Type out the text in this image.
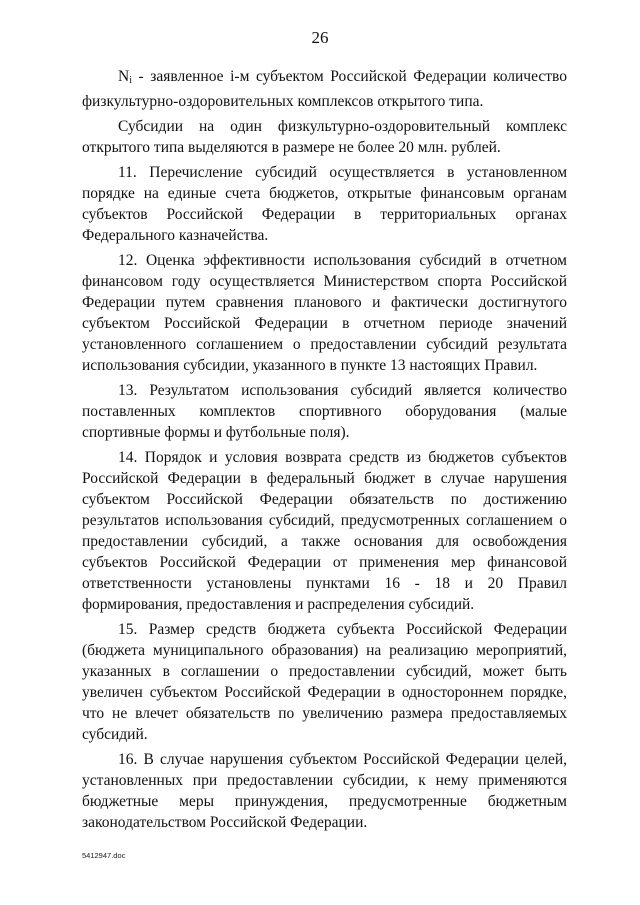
26

$N_i$ - заявленное i-м субъектом Российской Федерации количество физкультурно-оздоровительных комплексов открытого типа.

Субсидии на один физкультурно-оздоровительный комплекс открытого типа выделяются в размере не более 20 млн. рублей.

11. Перечисление субсидий осуществляется в установленном порядке на единые счета бюджетов, открытые финансовым органам субъектов Российской Федерации в территориальных органах Федерального казначейства.

12. Оценка эффективности использования субсидий в отчетном финансовом году осуществляется Министерством спорта Российской Федерации путем сравнения планового и фактически достигнутого субъектом Российской Федерации в отчетном периоде значений установленного соглашением о предоставлении субсидий результата использования субсидии, указанного в пункте 13 настоящих Правил.

13. Результатом использования субсидий является количество поставленных комплектов спортивного оборудования (малые спортивные формы и футбольные поля).

14. Порядок и условия возврата средств из бюджетов субъектов Российской Федерации в федеральный бюджет в случае нарушения субъектом Российской Федерации обязательств по достижению результатов использования субсидий, предусмотренных соглашением о предоставлении субсидий, а также основания для освобождения субъектов Российской Федерации от применения мер финансовой ответственности установлены пунктами 16 - 18 и 20 Правил формирования, предоставления и распределения субсидий.

15. Размер средств бюджета субъекта Российской Федерации (бюджета муниципального образования) на реализацию мероприятий, указанных в соглашении о предоставлении субсидий, может быть увеличен субъектом Российской Федерации в одностороннем порядке, что не влечет обязательств по увеличению размера предоставляемых субсидий.

16. В случае нарушения субъектом Российской Федерации целей, установленных при предоставлении субсидии, к нему применяются бюджетные меры принуждения, предусмотренные бюджетным законодательством Российской Федерации.

5412947.doc
